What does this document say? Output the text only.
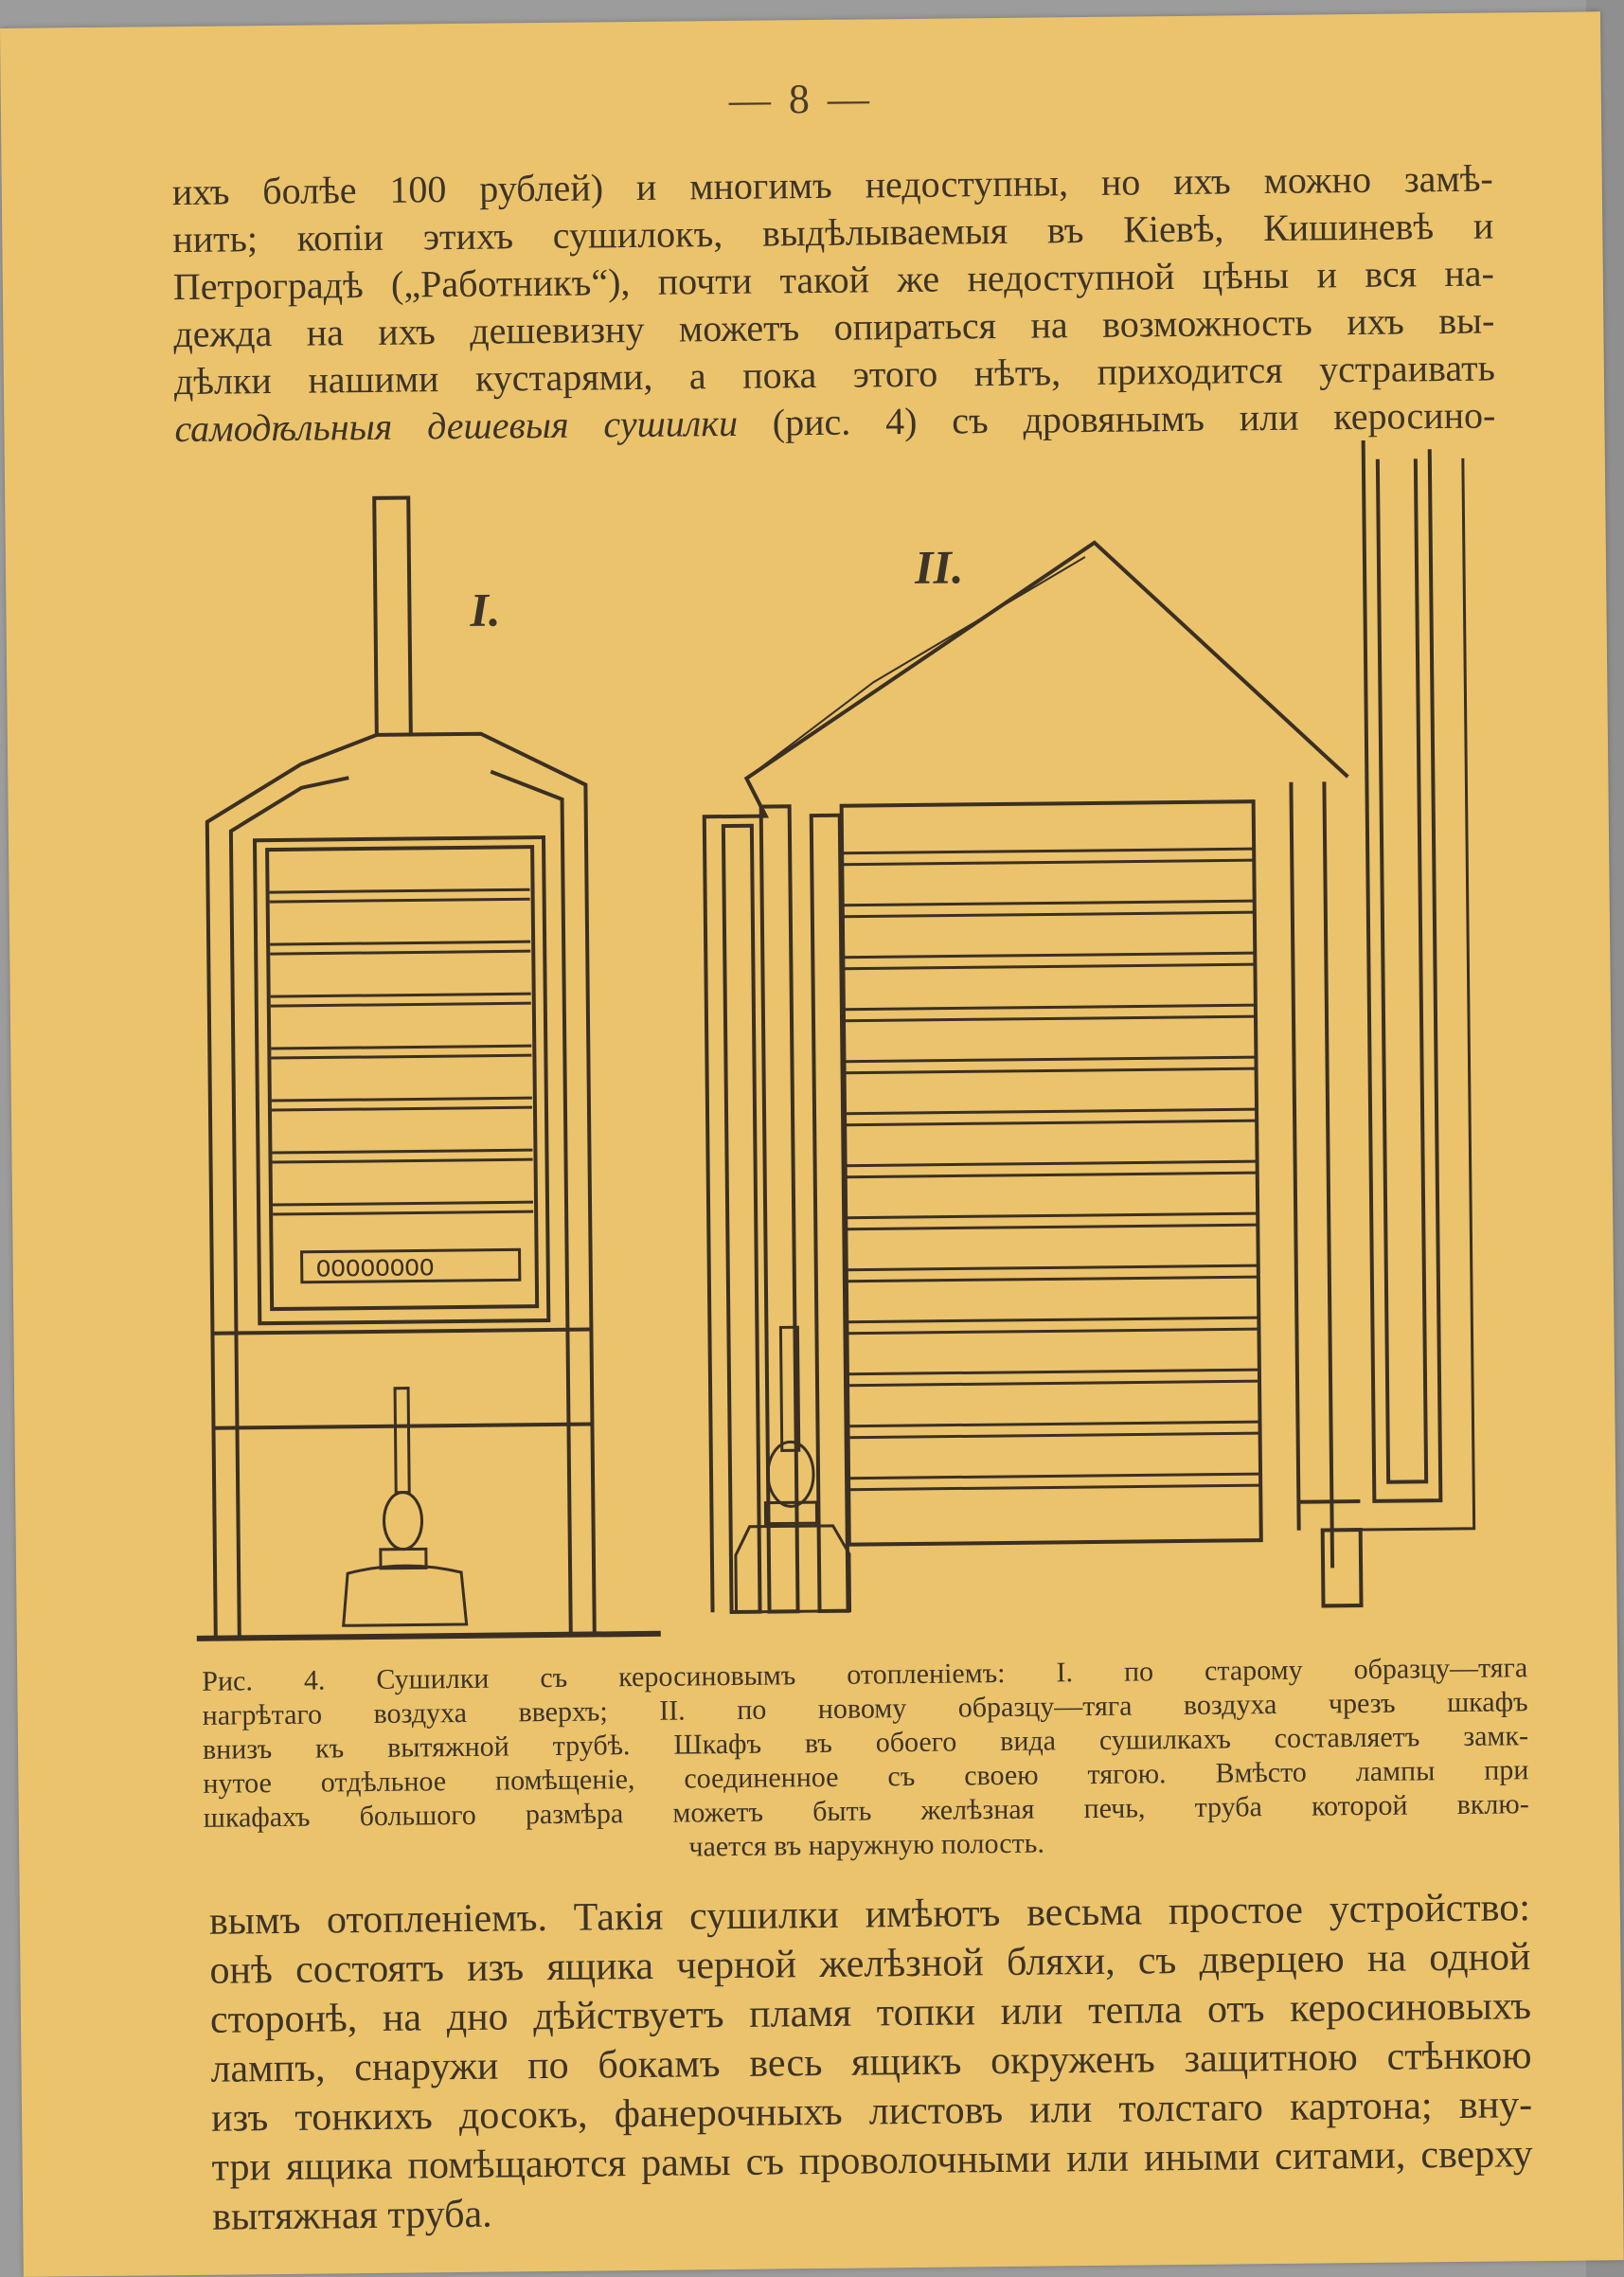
— 8 —
ихъ болѣе 100 рублей) и многимъ недоступны, но ихъ можно замѣ-
нить; копіи этихъ сушилокъ, выдѣлываемыя въ Кіевѣ, Кишиневѣ и
Петроградѣ („Работникъ“), почти такой же недоступной цѣны и вся на-
дежда на ихъ дешевизну можетъ опираться на возможность ихъ вы-
дѣлки нашими кустарями, а пока этого нѣтъ, приходится устраивать
самодѣльныя дешевыя сушилки (рис. 4) съ дровянымъ или керосино-
OOOOOOOO
I.
II.
Рис. 4. Сушилки съ керосиновымъ отопленіемъ: I. по старому образцу—тяга
нагрѣтаго воздуха вверхъ; II. по новому образцу—тяга воздуха чрезъ шкафъ
внизъ къ вытяжной трубѣ. Шкафъ въ обоего вида сушилкахъ составляетъ замк-
нутое отдѣльное помѣщеніе, соединенное съ своею тягою. Вмѣсто лампы при
шкафахъ большого размѣра можетъ быть желѣзная печь, труба которой вклю-
чается въ наружную полость.
вымъ отопленіемъ. Такія сушилки имѣютъ весьма простое устройство:
онѣ состоятъ изъ ящика черной желѣзной бляхи, съ дверцею на одной
сторонѣ, на дно дѣйствуетъ пламя топки или тепла отъ керосиновыхъ
лампъ, снаружи по бокамъ весь ящикъ окруженъ защитною стѣнкою
изъ тонкихъ досокъ, фанерочныхъ листовъ или толстаго картона; вну-
три ящика помѣщаются рамы съ проволочными или иными ситами, сверху
вытяжная труба.
